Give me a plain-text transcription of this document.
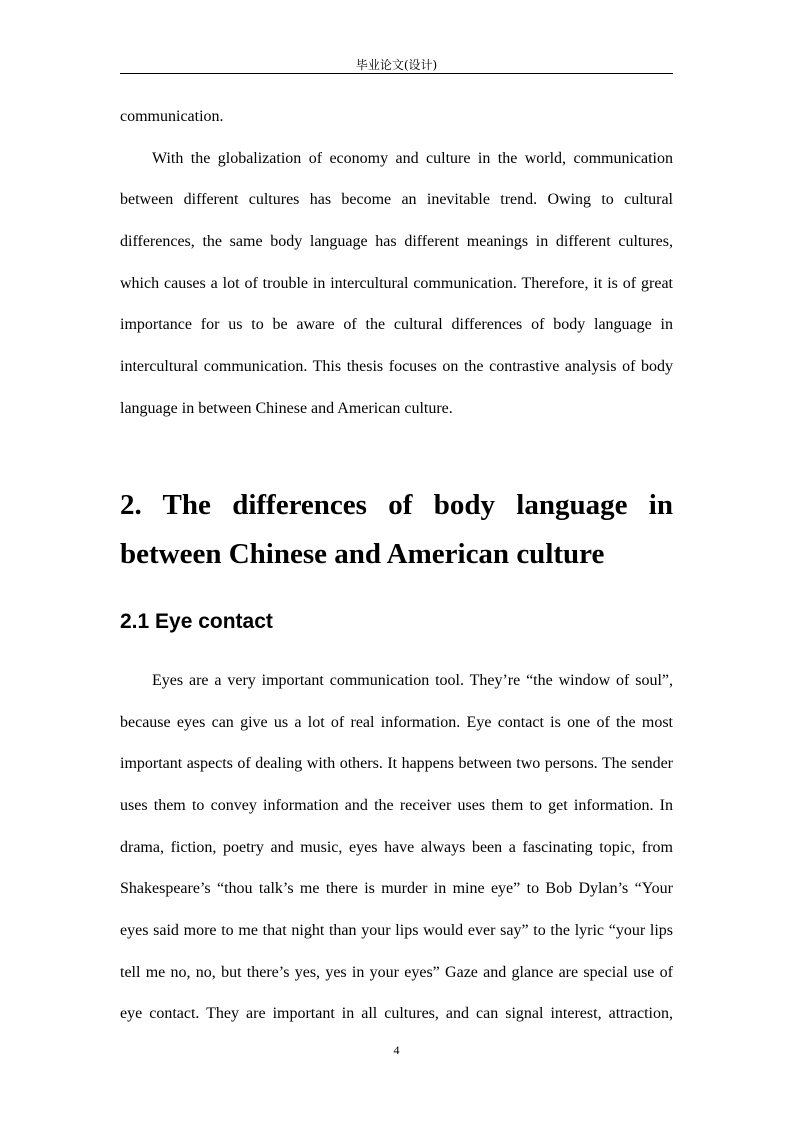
毕业论文(设计)
communication.
With the globalization of economy and culture in the world, communication
between different cultures has become an inevitable trend. Owing to cultural
differences, the same body language has different meanings in different cultures,
which causes a lot of trouble in intercultural communication. Therefore, it is of great
importance for us to be aware of the cultural differences of body language in
intercultural communication. This thesis focuses on the contrastive analysis of body
language in between Chinese and American culture.
2. The differences of body language in
between Chinese and American culture
2.1 Eye contact
Eyes are a very important communication tool. They’re “the window of soul”,
because eyes can give us a lot of real information. Eye contact is one of the most
important aspects of dealing with others. It happens between two persons. The sender
uses them to convey information and the receiver uses them to get information. In
drama, fiction, poetry and music, eyes have always been a fascinating topic, from
Shakespeare’s “thou talk’s me there is murder in mine eye” to Bob Dylan’s “Your
eyes said more to me that night than your lips would ever say” to the lyric “your lips
tell me no, no, but there’s yes, yes in your eyes” Gaze and glance are special use of
eye contact. They are important in all cultures, and can signal interest, attraction,
4
